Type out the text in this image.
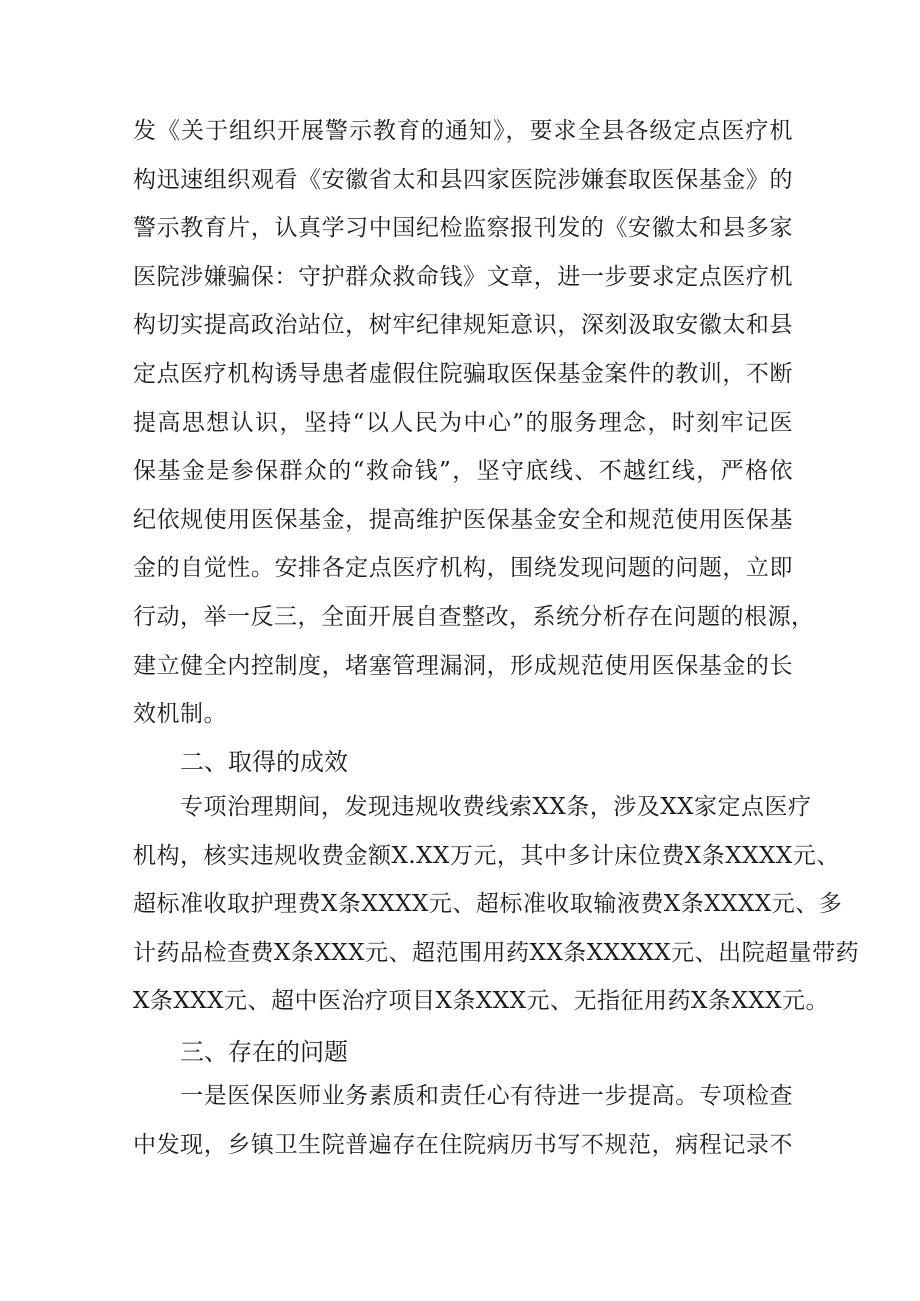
发《关于组织开展警示教育的通知》，要求全县各级定点医疗机
构迅速组织观看《安徽省太和县四家医院涉嫌套取医保基金》的
警示教育片，认真学习中国纪检监察报刊发的《安徽太和县多家
医院涉嫌骗保：守护群众救命钱》文章，进一步要求定点医疗机
构切实提高政治站位，树牢纪律规矩意识，深刻汲取安徽太和县
定点医疗机构诱导患者虚假住院骗取医保基金案件的教训，不断
提高思想认识，坚持“以人民为中心”的服务理念，时刻牢记医
保基金是参保群众的“救命钱”，坚守底线、不越红线，严格依
纪依规使用医保基金，提高维护医保基金安全和规范使用医保基
金的自觉性。安排各定点医疗机构，围绕发现问题的问题，立即
行动，举一反三，全面开展自查整改，系统分析存在问题的根源，
建立健全内控制度，堵塞管理漏洞，形成规范使用医保基金的长
效机制。
二、取得的成效
　　专项治理期间，发现违规收费线索XX条，涉及XX家定点医疗
机构，核实违规收费金额X.XX万元，其中多计床位费X条XXXX元、
超标准收取护理费X条XXXX元、超标准收取输液费X条XXXX元、多
计药品检查费X条XXX元、超范围用药XX条XXXXX元、出院超量带药
X条XXX元、超中医治疗项目X条XXX元、无指征用药X条XXX元。
三、存在的问题
　　一是医保医师业务素质和责任心有待进一步提高。专项检查
中发现，乡镇卫生院普遍存在住院病历书写不规范，病程记录不
